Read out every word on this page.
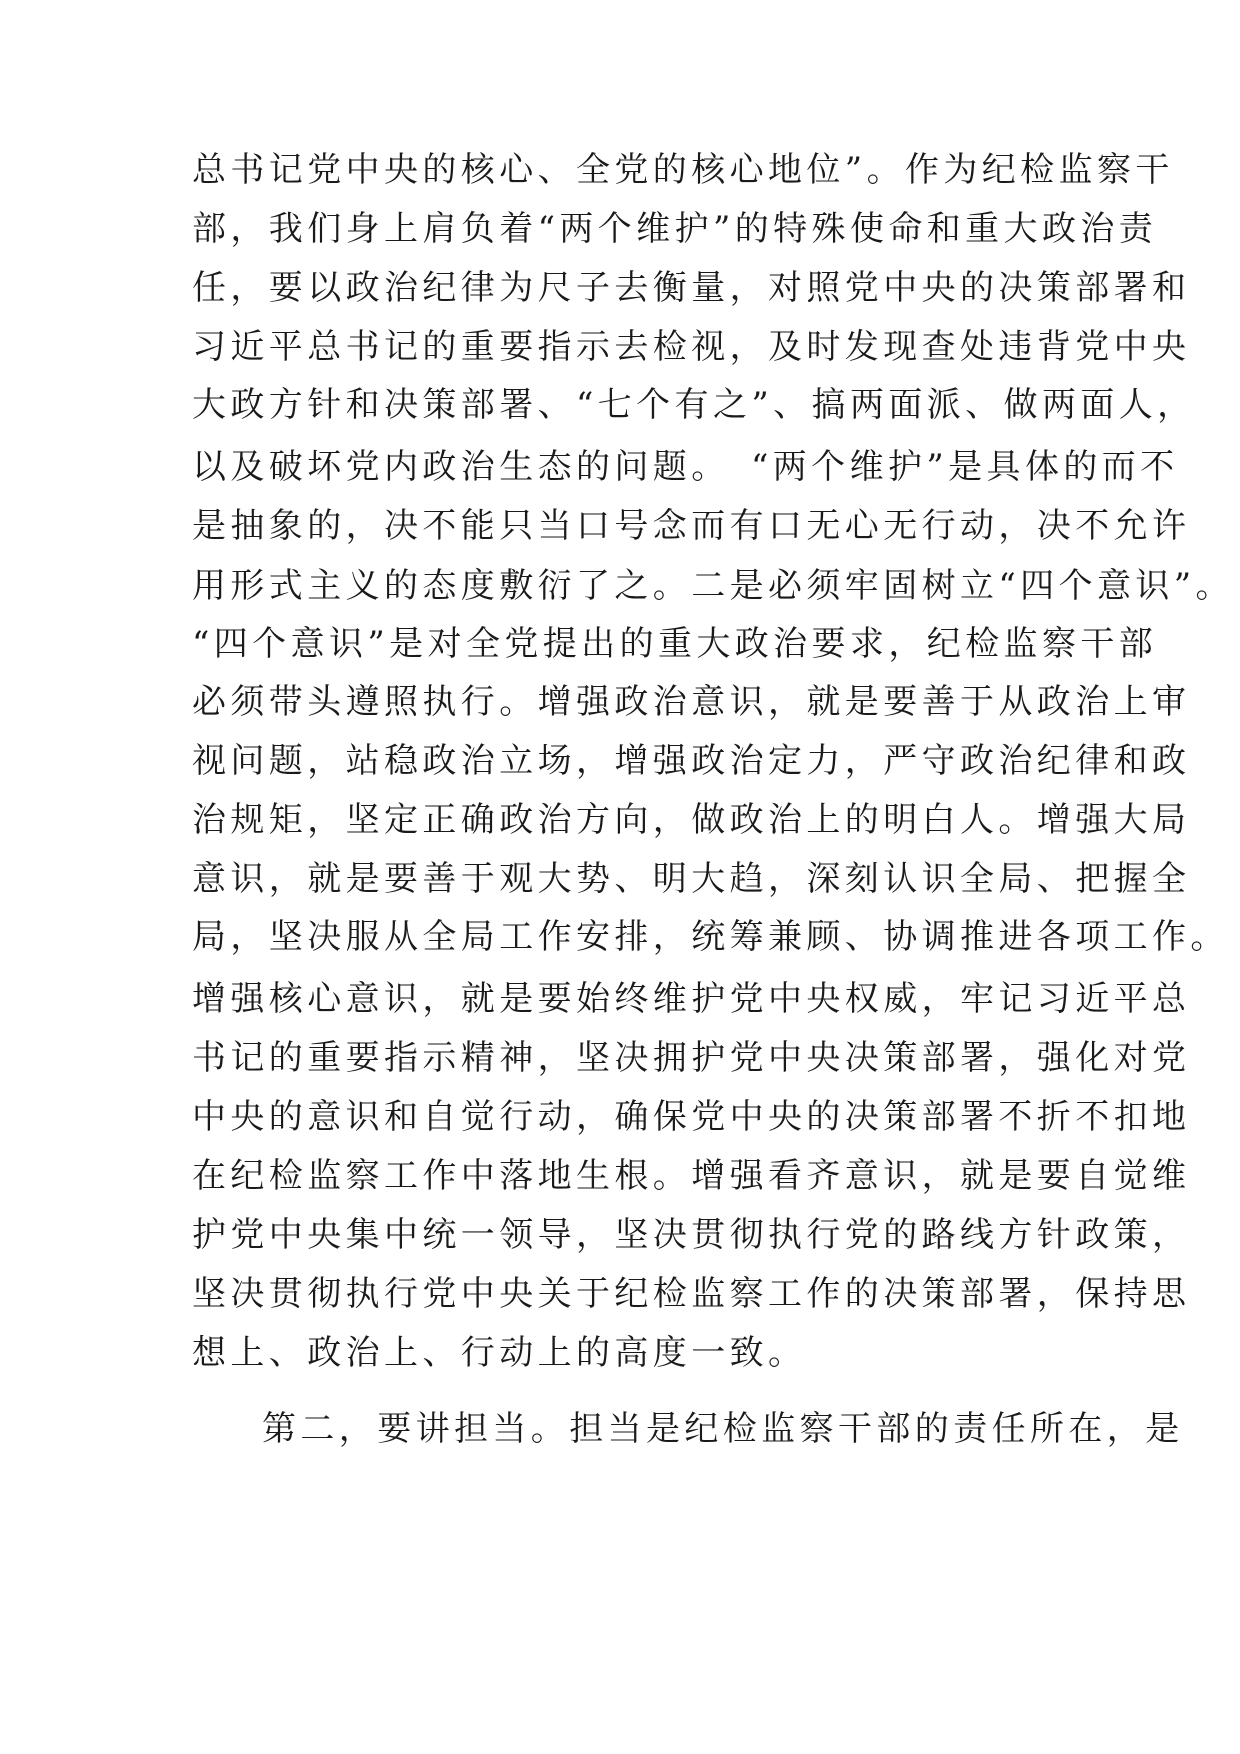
总书记党中央的核心、全党的核心地位”。作为纪检监察干
部，我们身上肩负着“两个维护”的特殊使命和重大政治责
任，要以政治纪律为尺子去衡量，对照党中央的决策部署和
习近平总书记的重要指示去检视，及时发现查处违背党中央
大政方针和决策部署、“七个有之”、搞两面派、做两面人，
以及破坏党内政治生态的问题。　“两个维护”是具体的而不
是抽象的，决不能只当口号念而有口无心无行动，决不允许
用形式主义的态度敷衍了之。二是必须牢固树立“四个意识”。
“四个意识”是对全党提出的重大政治要求，纪检监察干部
必须带头遵照执行。增强政治意识，就是要善于从政治上审
视问题，站稳政治立场，增强政治定力，严守政治纪律和政
治规矩，坚定正确政治方向，做政治上的明白人。增强大局
意识，就是要善于观大势、明大趋，深刻认识全局、把握全
局，坚决服从全局工作安排，统筹兼顾、协调推进各项工作。
增强核心意识，就是要始终维护党中央权威，牢记习近平总
书记的重要指示精神，坚决拥护党中央决策部署，强化对党
中央的意识和自觉行动，确保党中央的决策部署不折不扣地
在纪检监察工作中落地生根。增强看齐意识，就是要自觉维
护党中央集中统一领导，坚决贯彻执行党的路线方针政策，
坚决贯彻执行党中央关于纪检监察工作的决策部署，保持思
想上、政治上、行动上的高度一致。
第二，要讲担当。担当是纪检监察干部的责任所在，是
